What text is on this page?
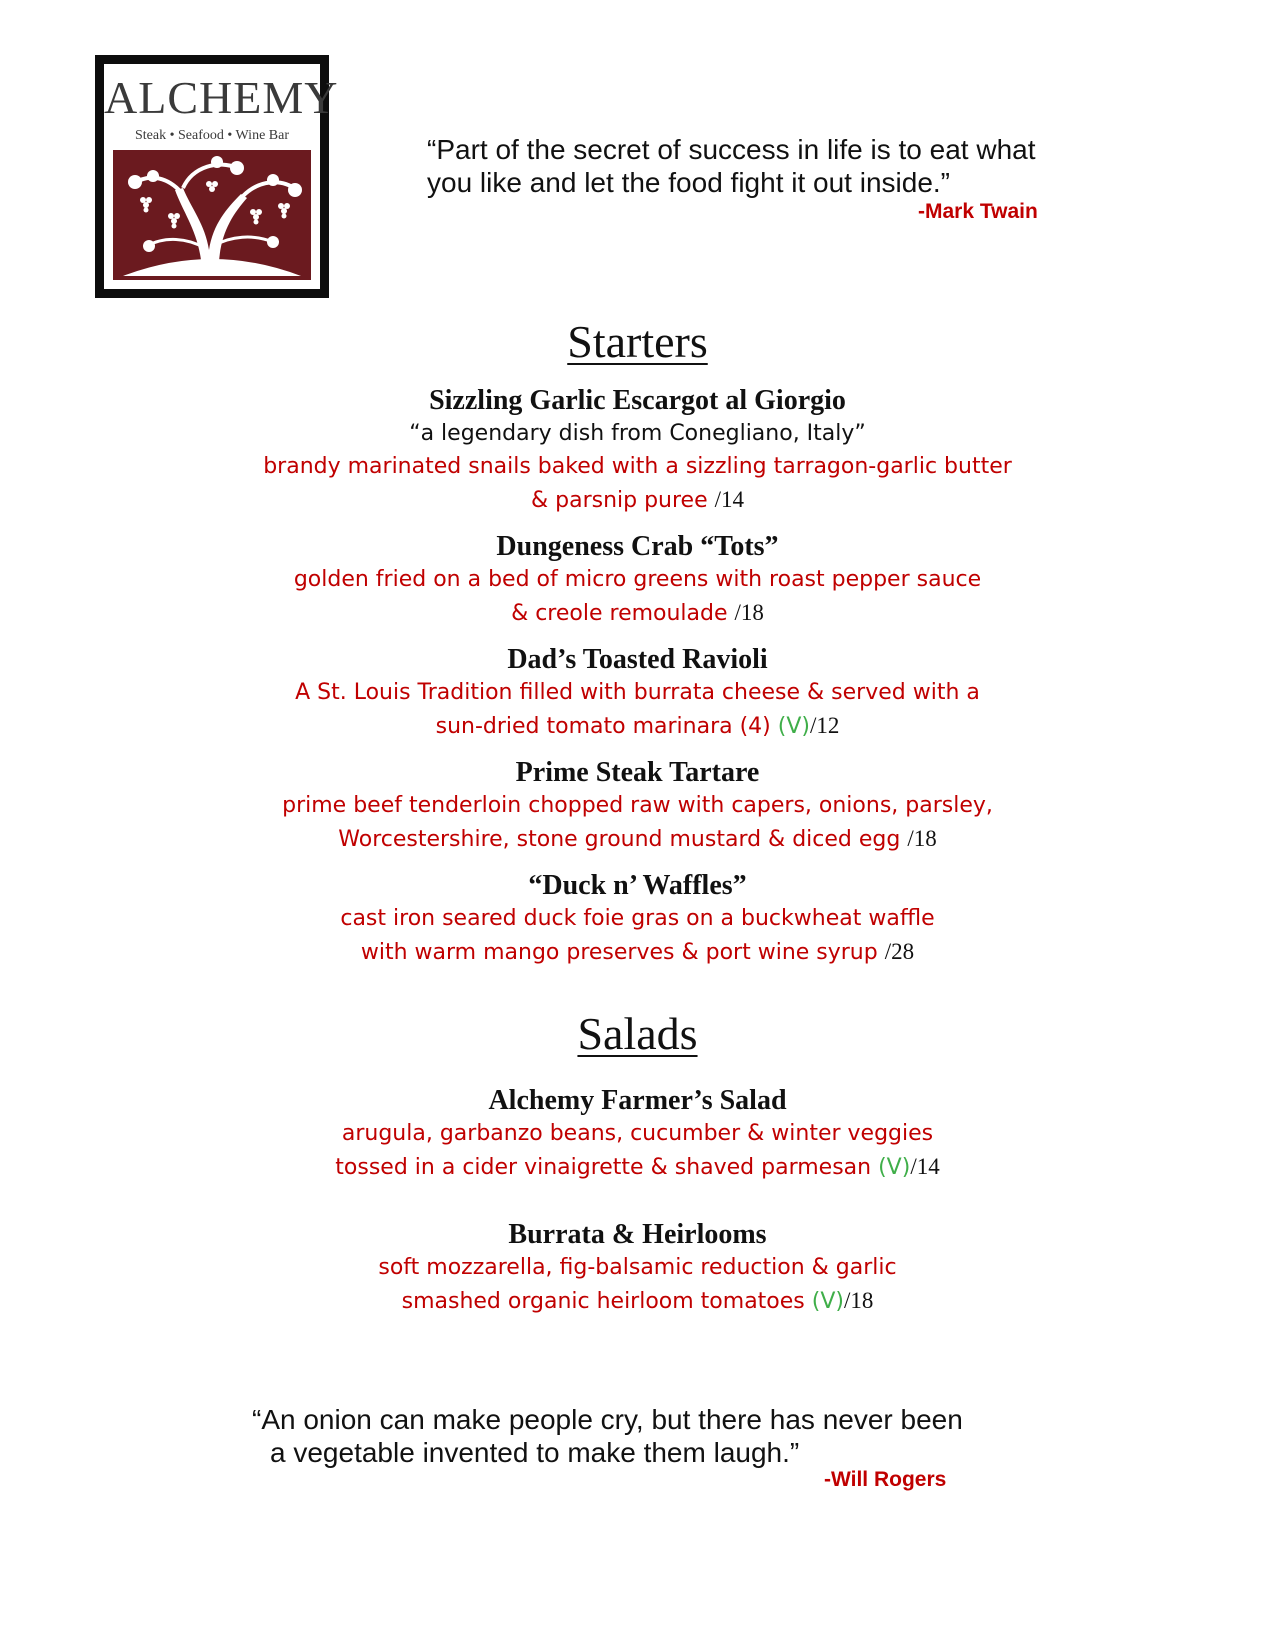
ALCHEMY
Steak • Seafood • Wine Bar	“Part of the secret of success in life is to eat what
you like and let the food fight it out inside.”
-Mark Twain
Starters
Sizzling Garlic Escargot al Giorgio
“a legendary dish from Conegliano, Italy”
brandy marinated snails baked with a sizzling tarragon-garlic butter
& parsnip puree /14
Dungeness Crab “Tots”
golden fried on a bed of micro greens with roast pepper sauce
& creole remoulade /18
Dad’s Toasted Ravioli
A St. Louis Tradition filled with burrata cheese & served with a
sun-dried tomato marinara (4) (V)/12
Prime Steak Tartare
prime beef tenderloin chopped raw with capers, onions, parsley,
Worcestershire, stone ground mustard & diced egg /18
“Duck n’ Waffles”
cast iron seared duck foie gras on a buckwheat waffle
with warm mango preserves & port wine syrup /28
Salads
Alchemy Farmer’s Salad
arugula, garbanzo beans, cucumber & winter veggies
tossed in a cider vinaigrette & shaved parmesan (V)/14
Burrata & Heirlooms
soft mozzarella, fig-balsamic reduction & garlic
smashed organic heirloom tomatoes (V)/18
“An onion can make people cry, but there has never been
a vegetable invented to make them laugh.”
-Will Rogers
